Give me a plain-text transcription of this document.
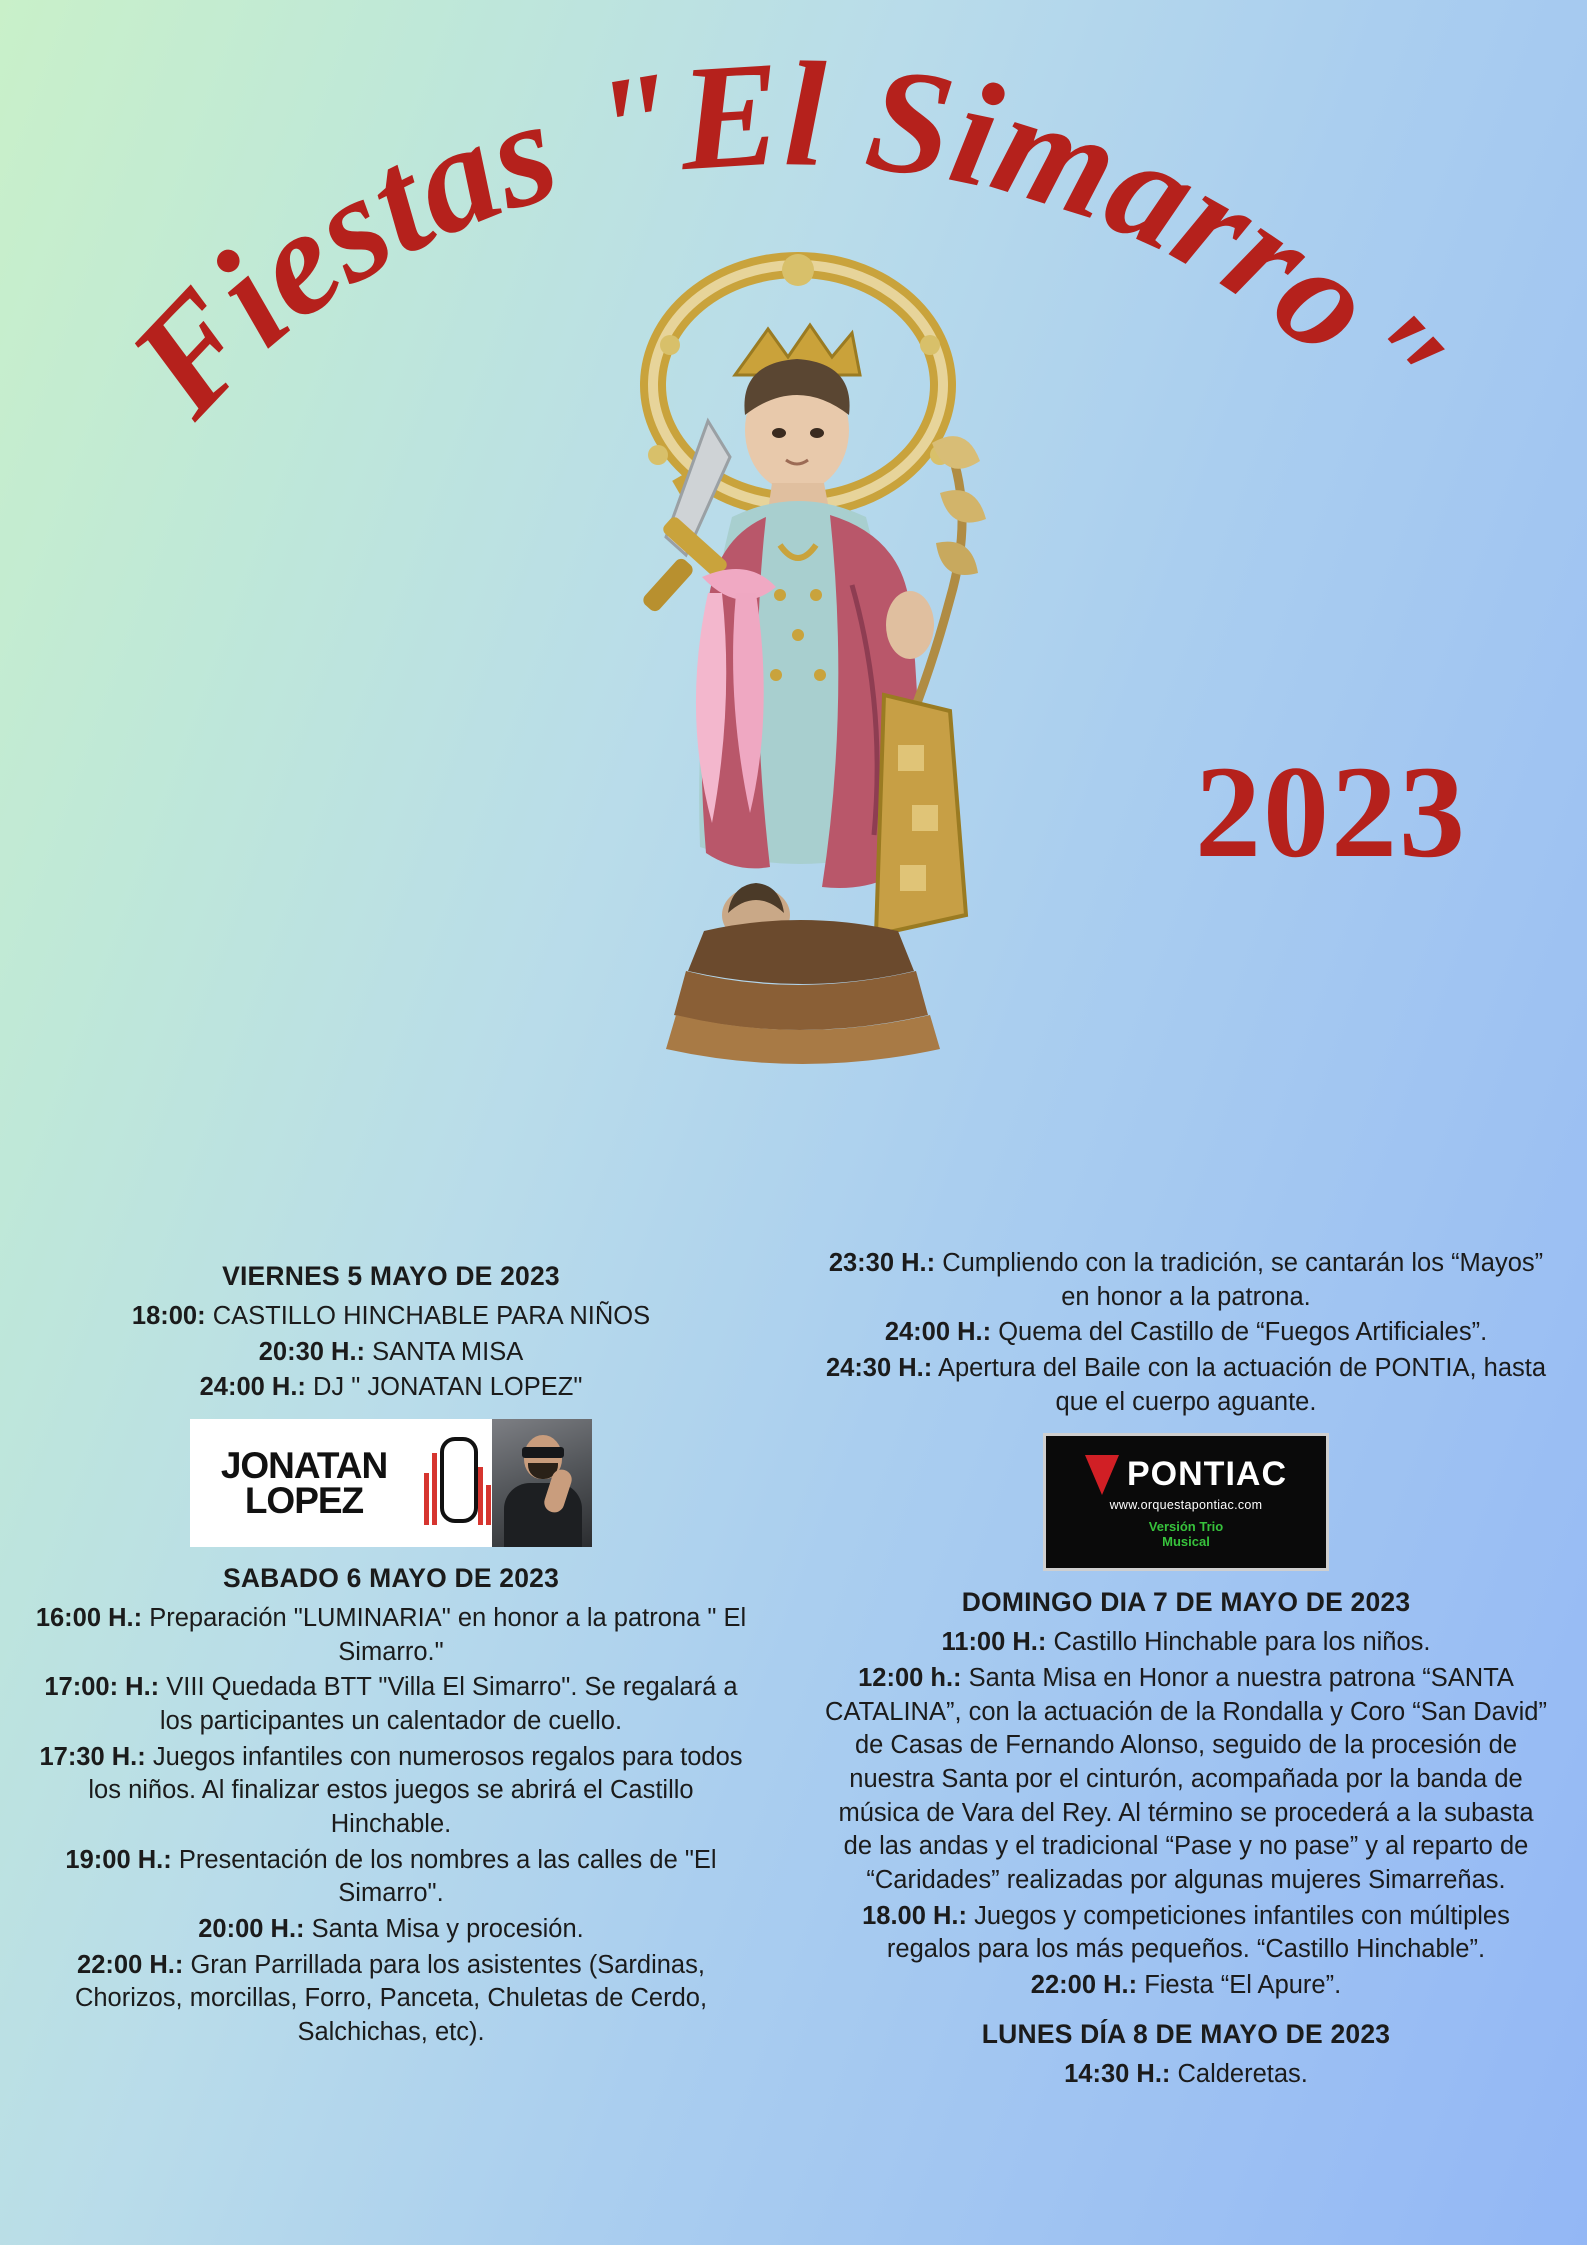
Fiestas "El Simarro"
2023
VIERNES 5 MAYO DE 2023
18:00: CASTILLO HINCHABLE PARA NIÑOS
20:30 H.: SANTA MISA
24:00 H.: DJ " JONATAN LOPEZ"
JONATAN
LOPEZ
SABADO 6 MAYO DE 2023
16:00 H.: Preparación "LUMINARIA" en honor a la patrona " El Simarro."
17:00: H.: VIII Quedada BTT "Villa El Simarro". Se regalará a los participantes un calentador de cuello.
17:30 H.: Juegos infantiles con numerosos regalos para todos los niños. Al finalizar estos juegos se abrirá el Castillo Hinchable.
19:00 H.: Presentación de los nombres a las calles de "El Simarro".
20:00 H.: Santa Misa y procesión.
22:00 H.: Gran Parrillada para los asistentes (Sardinas, Chorizos, morcillas, Forro, Panceta, Chuletas de Cerdo, Salchichas, etc).
23:30 H.: Cumpliendo con la tradición, se cantarán los “Mayos” en honor a la patrona.
24:00 H.: Quema del Castillo de “Fuegos Artificiales”.
24:30 H.: Apertura del Baile con la actuación de PONTIA, hasta que el cuerpo aguante.
PONTIAC
www.orquestapontiac.com
Versión Trio
Musical
DOMINGO DIA 7 DE MAYO DE 2023
11:00 H.: Castillo Hinchable para los niños.
12:00 h.: Santa Misa en Honor a nuestra patrona “SANTA CATALINA”, con la actuación de la Rondalla y Coro “San David” de Casas de Fernando Alonso, seguido de la procesión de nuestra Santa por el cinturón, acompañada por la banda de música de Vara del Rey. Al término se procederá a la subasta de las andas y el tradicional “Pase y no pase” y al reparto de “Caridades” realizadas por algunas mujeres Simarreñas.
18.00 H.: Juegos y competiciones infantiles con múltiples regalos para los más pequeños. “Castillo Hinchable”.
22:00 H.: Fiesta “El Apure”.
LUNES DÍA 8 DE MAYO DE 2023
14:30 H.: Calderetas.
